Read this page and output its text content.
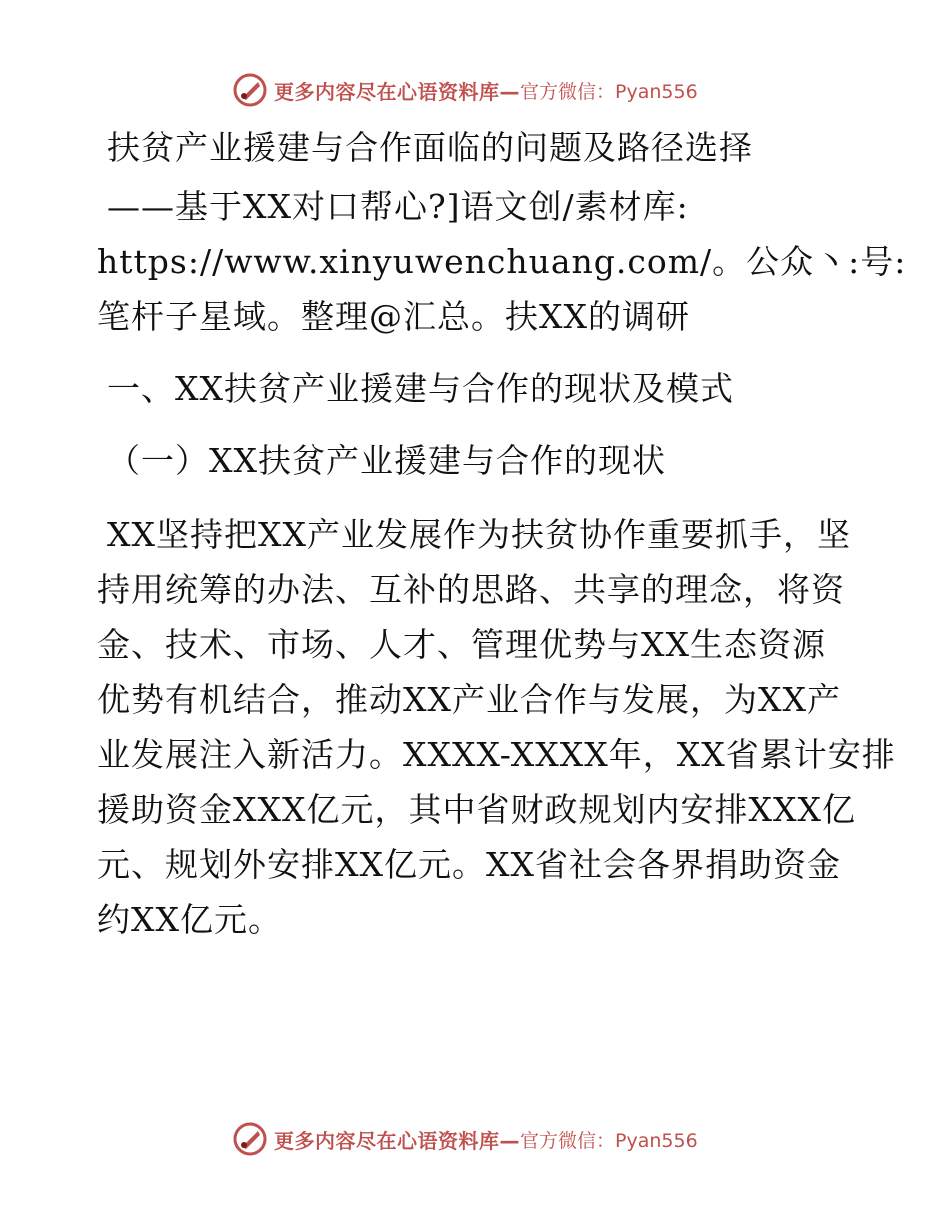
更多内容尽在心语资料库— 官方微信：Pyan556
扶贫产业援建与合作面临的问题及路径选择
——基于XX对口帮心?]语文创/素材库:
https://www.xinyuwenchuang.com/。公众丶:号:
笔杆子星域。整理@汇总。扶XX的调研
一、XX扶贫产业援建与合作的现状及模式
（一）XX扶贫产业援建与合作的现状
XX坚持把XX产业发展作为扶贫协作重要抓手，坚
持用统筹的办法、互补的思路、共享的理念，将资
金、技术、市场、人才、管理优势与XX生态资源
优势有机结合，推动XX产业合作与发展，为XX产
业发展注入新活力。XXXX-XXXX年，XX省累计安排
援助资金XXX亿元，其中省财政规划内安排XXX亿
元、规划外安排XX亿元。XX省社会各界捐助资金
约XX亿元。
更多内容尽在心语资料库— 官方微信：Pyan556
